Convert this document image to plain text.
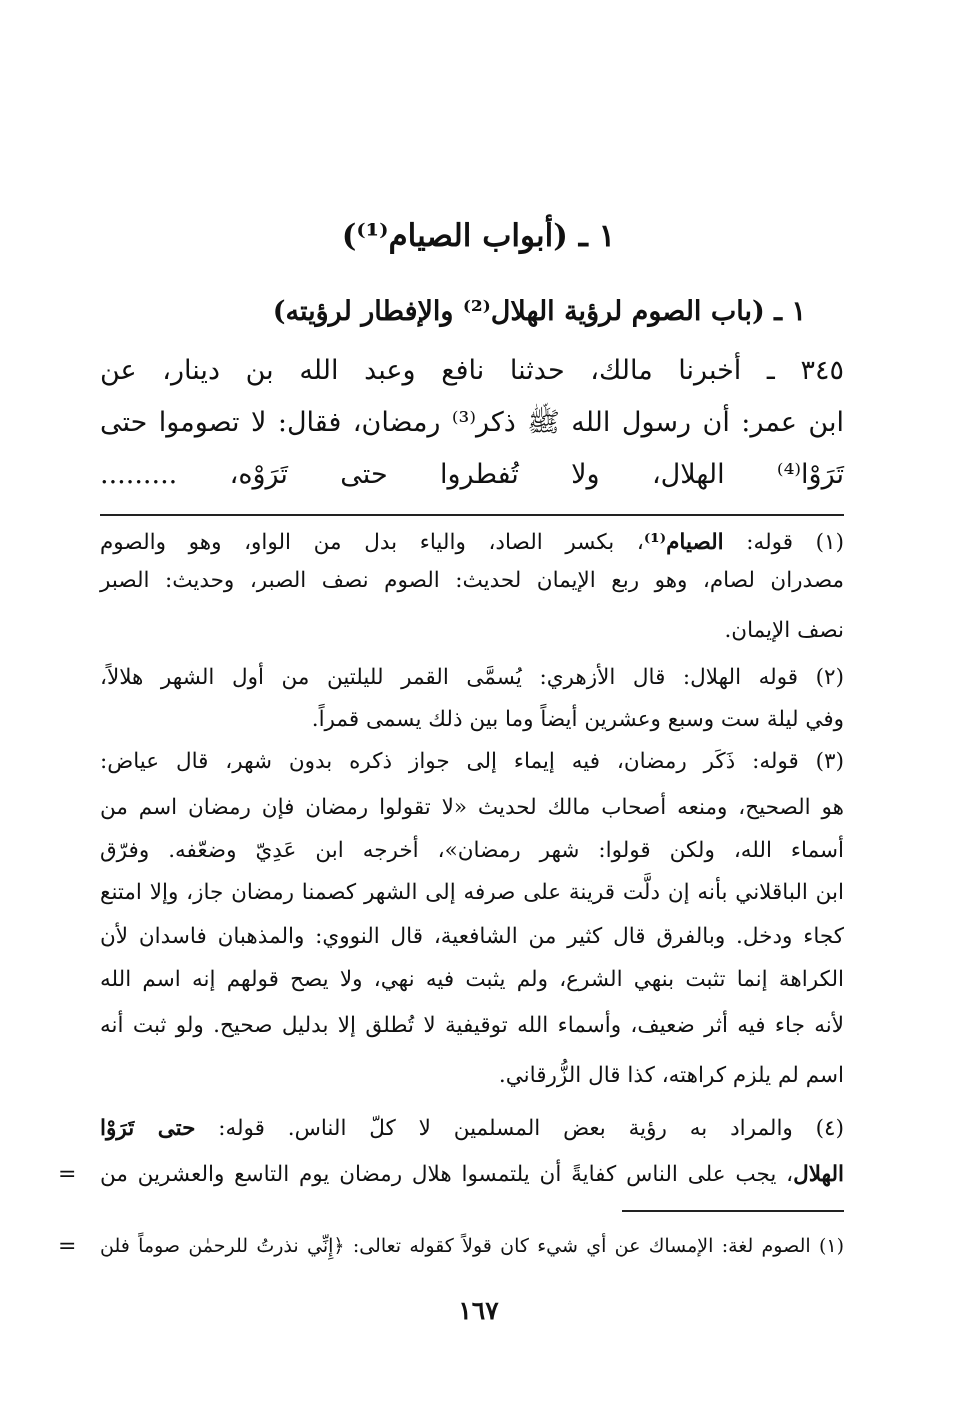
١ ـ (أبواب الصيام⁽¹⁾)
١ ـ (باب الصوم لرؤية الهلال⁽²⁾ والإفطار لرؤيته)
٣٤٥ ـ أخبرنا مالك، حدثنا نافع وعبد الله بن دينار، عن
ابن عمر: أن رسول الله ﷺ ذكر⁽³⁾ رمضان، فقال: لا تصوموا حتى
تَرَوْا⁽⁴⁾ الهلال، ولا تُفطروا حتى تَرَوْه، .........
(١) قوله: الصيام⁽¹⁾، بكسر الصاد، والياء بدل من الواو، وهو والصوم
مصدران لصام، وهو ربع الإيمان لحديث: الصوم نصف الصبر، وحديث: الصبر
نصف الإيمان.
(٢) قوله الهلال: قال الأزهري: يُسمَّى القمر لليلتين من أول الشهر هلالاً،
وفي ليلة ست وسبع وعشرين أيضاً وما بين ذلك يسمى قمراً.
(٣) قوله: ذَكَر رمضان، فيه إيماء إلى جواز ذكره بدون شهر، قال عياض:
هو الصحيح، ومنعه أصحاب مالك لحديث «لا تقولوا رمضان فإن رمضان اسم من
أسماء الله، ولكن قولوا: شهر رمضان»، أخرجه ابن عَدِيّ وضعّفه. وفرّق
ابن الباقلاني بأنه إن دلَّت قرينة على صرفه إلى الشهر كصمنا رمضان جاز، وإلا امتنع
كجاء ودخل. وبالفرق قال كثير من الشافعية، قال النووي: والمذهبان فاسدان لأن
الكراهة إنما تثبت بنهي الشرع، ولم يثبت فيه نهي، ولا يصح قولهم إنه اسم الله
لأنه جاء فيه أثر ضعيف، وأسماء الله توقيفية لا تُطلق إلا بدليل صحيح. ولو ثبت أنه
اسم لم يلزم كراهته، كذا قال الزُّرقاني.
(٤) والمراد به رؤية بعض المسلمين لا كلّ الناس. قوله: حتى تَرَوْا
الهلال، يجب على الناس كفايةً أن يلتمسوا هلال رمضان يوم التاسع والعشرين من
=
(١) الصوم لغة: الإمساك عن أي شيء كان قولاً كقوله تعالى: ﴿إِنِّي نذرتُ للرحمٰن صوماً فلن
=
١٦٧
